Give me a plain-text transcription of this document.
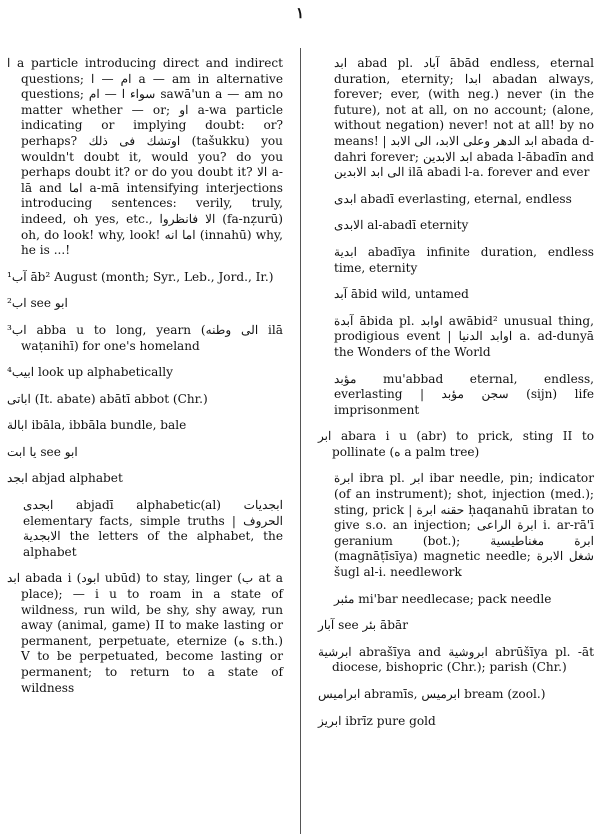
١
ا a particle introducing direct and indirect questions; ام — ا a — am in alternative questions; سواء ا — ام sawā'un a — am no matter whether — or; او a-wa particle indicating or implying doubt: or? perhaps? اوتشك فى ذلك (tašukku) you wouldn't doubt it, would you? do you perhaps doubt it? or do you doubt it? الا a-lā and اما a-mā intensifying interjections introducing sentences: verily, truly, indeed, oh yes, etc., الا فانظروا (fa-nẓurū) oh, do look! why, look! اما انه (innahū) why, he is ...!
¹آب āb² August (month; Syr., Leb., Jord., Ir.)
²اب see ابو
³اب abba u to long, yearn (الى وطنه ilā waṭanihī) for one's homeland
⁴ابيب look up alphabetically
اباتى (It. abate) abātī abbot (Chr.)
ابالة ibāla, ibbāla bundle, bale
يا ابت see ابو
ابجد abjad alphabet
ابجدى abjadī alphabetic(al) ابجديات elementary facts, simple truths | الحروف الابجدية the letters of the alphabet, the alphabet
ابد abada i (ابود ubūd) to stay, linger (ب at a place); — i u to roam in a state of wildness, run wild, be shy, shy away, run away (animal, game) II to make lasting or permanent, perpetuate, eternize (ه s.th.) V to be perpetuated, become lasting or permanent; to return to a state of wildness
ابد abad pl. آباد ābād endless, eternal duration, eternity; ابدا abadan always, forever; ever, (with neg.) never (in the future), not at all, on no account; (alone, without negation) never! not at all! by no means! | ابد الدهر وعلى الابد، الى الابد abada d-dahri forever; ابد الابدين abada l-ābadīn and الى ابد الابدين ilā abadi l-a. forever and ever
ابدى abadī everlasting, eternal, endless
الابدى al-abadī eternity
ابدية abadīya infinite duration, endless time, eternity
آبد ābid wild, untamed
آبدة ābida pl. اوابد awābid² unusual thing, prodigious event | اوابد الدنيا a. ad-dunyā the Wonders of the World
مؤبد mu'abbad eternal, endless, everlasting | سجن مؤبد (sijn) life imprisonment
ابر abara i u (abr) to prick, sting II to pollinate (ه a palm tree)
ابرة ibra pl. ابر ibar needle, pin; indicator (of an instrument); shot, injection (med.); sting, prick | حقنه ابرة ḥaqanahū ibratan to give s.o. an injection; ابرة الراعى i. ar-rā'ī geranium (bot.); ابرة مغناطيسية (magnāṭīsīya) magnetic needle; شغل الابرة šugl al-i. needlework
مئبر mi'bar needlecase; pack needle
آبار see بئر ābār
ابرشية abrašīya and ابروشية abrūšīya pl. -āt diocese, bishopric (Chr.); parish (Chr.)
ابراميس abramīs, ابرميس bream (zool.)
ابريز ibrīz pure gold
